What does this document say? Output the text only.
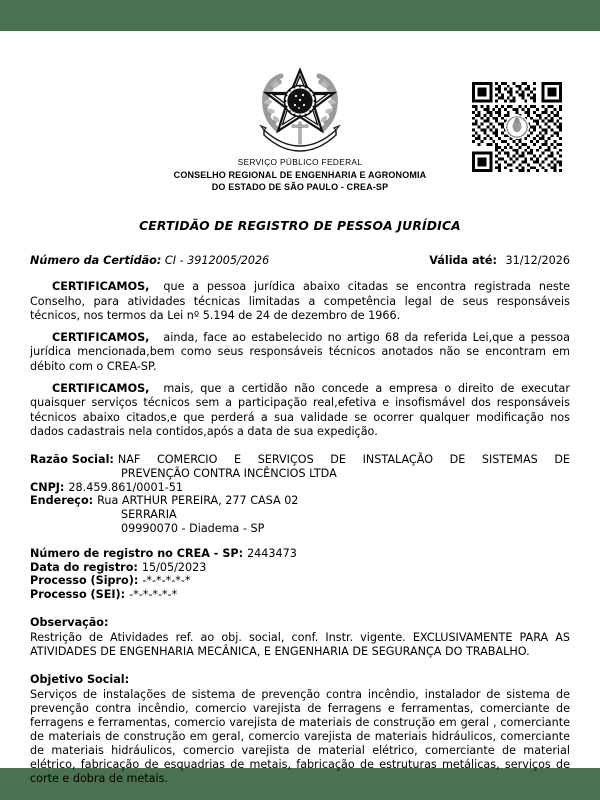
SERVIÇO PÚBLICO FEDERAL
CONSELHO REGIONAL DE ENGENHARIA E AGRONOMIA
DO ESTADO DE SÃO PAULO - CREA-SP
CERTIDÃO DE REGISTRO DE PESSOA JURÍDICA
Número da Certidão: CI - 3912005/2026	Válida até: 31/12/2026

CERTIFICAMOS, que a pessoa jurídica abaixo citadas se encontra registrada neste Conselho, para atividades técnicas limitadas a competência legal de seus responsáveis técnicos, nos termos da Lei nº 5.194 de 24 de dezembro de 1966.

CERTIFICAMOS, ainda, face ao estabelecido no artigo 68 da referida Lei,que a pessoa jurídica mencionada,bem como seus responsáveis técnicos anotados não se encontram em débito com o CREA-SP.

CERTIFICAMOS, mais, que a certidão não concede a empresa o direito de executar quaisquer serviços técnicos sem a participação real,efetiva e insofismável dos responsáveis técnicos abaixo citados,e que perderá a sua validade se ocorrer qualquer modificação nos dados cadastrais nela contidos,após a data de sua expedição.

Razão Social: NAF COMERCIO E SERVIÇOS DE INSTALAÇÃO DE SISTEMAS DE
PREVENÇÃO CONTRA INCÊNCIOS LTDA
CNPJ: 28.459.861/0001-51
Endereço: Rua ARTHUR PEREIRA, 277 CASA 02
SERRARIA
09990070 - Diadema - SP
Número de registro no CREA - SP: 2443473
Data do registro: 15/05/2023
Processo (Sipro): -*-*-*-*-*
Processo (SEI): -*-*-*-*-*
Observação:
Restrição de Atividades ref. ao obj. social, conf. Instr. vigente. EXCLUSIVAMENTE PARA AS ATIVIDADES DE ENGENHARIA MECÂNICA, E ENGENHARIA DE SEGURANÇA DO TRABALHO.
Objetivo Social:
Serviços de instalações de sistema de prevenção contra incêndio, instalador de sistema de prevenção contra incêndio, comercio varejista de ferragens e ferramentas, comerciante de ferragens e ferramentas, comercio varejista de materiais de construção em geral , comerciante de materiais de construção em geral, comercio varejista de materiais hidráulicos, comerciante de materiais hidráulicos, comercio varejista de material elétrico, comerciante de material elétrico, fabricação de esquadrias de metais, fabricação de estruturas metálicas, serviços de corte e dobra de metais.
